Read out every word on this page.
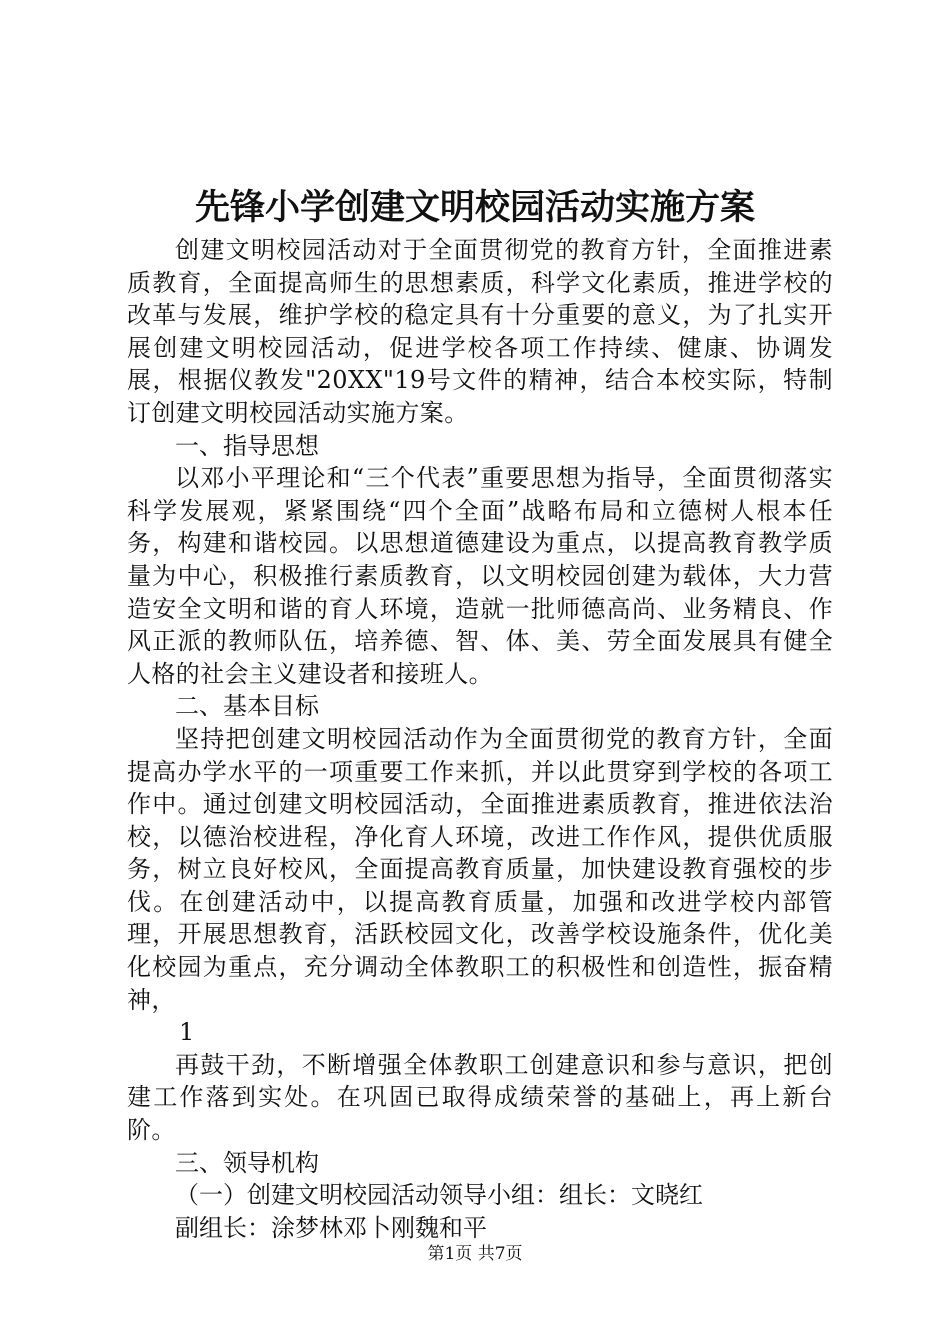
先锋小学创建文明校园活动实施方案

创建文明校园活动对于全面贯彻党的教育方针，全面推进素质教育，全面提高师生的思想素质，科学文化素质，推进学校的改革与发展，维护学校的稳定具有十分重要的意义，为了扎实开展创建文明校园活动，促进学校各项工作持续、健康、协调发展，根据仪教发"20XX"19号文件的精神，结合本校实际，特制订创建文明校园活动实施方案。

一、指导思想

以邓小平理论和“三个代表”重要思想为指导，全面贯彻落实科学发展观，紧紧围绕“四个全面”战略布局和立德树人根本任务，构建和谐校园。以思想道德建设为重点，以提高教育教学质量为中心，积极推行素质教育，以文明校园创建为载体，大力营造安全文明和谐的育人环境，造就一批师德高尚、业务精良、作风正派的教师队伍，培养德、智、体、美、劳全面发展具有健全人格的社会主义建设者和接班人。

二、基本目标

坚持把创建文明校园活动作为全面贯彻党的教育方针，全面提高办学水平的一项重要工作来抓，并以此贯穿到学校的各项工作中。通过创建文明校园活动，全面推进素质教育，推进依法治校，以德治校进程，净化育人环境，改进工作作风，提供优质服务，树立良好校风，全面提高教育质量，加快建设教育强校的步伐。在创建活动中，以提高教育质量，加强和改进学校内部管理，开展思想教育，活跃校园文化，改善学校设施条件，优化美化校园为重点，充分调动全体教职工的积极性和创造性，振奋精神，

1

再鼓干劲，不断增强全体教职工创建意识和参与意识，把创建工作落到实处。在巩固已取得成绩荣誉的基础上，再上新台阶。

三、领导机构

（一）创建文明校园活动领导小组：组长：文晓红

副组长：涂梦林邓卜刚魏和平

第1页 共7页
